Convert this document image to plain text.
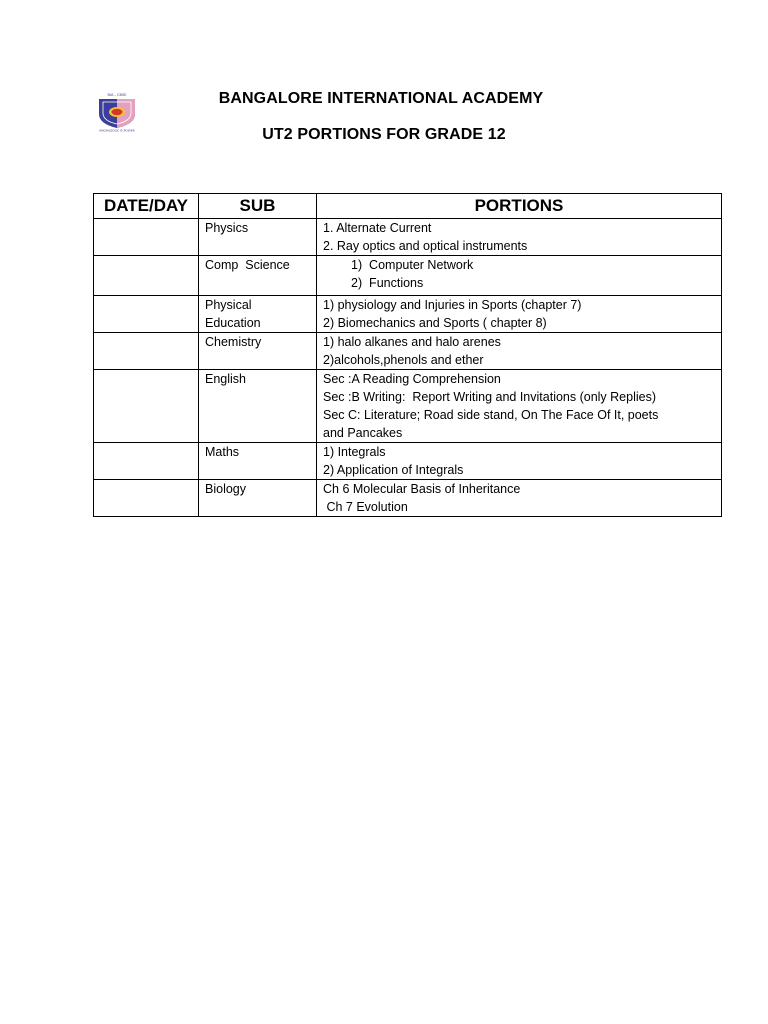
BIA - CBSE
KNOWLEDGE IS POWER
BANGALORE INTERNATIONAL ACADEMY
UT2 PORTIONS FOR GRADE 12
DATE/DAY	SUB	PORTIONS

	Physics	1. Alternate Current
2. Ray optics and optical instruments

	Comp  Science	1)  Computer Network
2)  Functions

	Physical
Education	1) physiology and Injuries in Sports (chapter 7)
2) Biomechanics and Sports ( chapter 8)

	Chemistry	1) halo alkanes and halo arenes
2)alcohols,phenols and ether

	English	Sec :A Reading Comprehension
Sec :B Writing:  Report Writing and Invitations (only Replies)
Sec C: Literature; Road side stand, On The Face Of It, poets
and Pancakes

	Maths	1) Integrals
2) Application of Integrals

	Biology	Ch 6 Molecular Basis of Inheritance
Ch 7 Evolution
